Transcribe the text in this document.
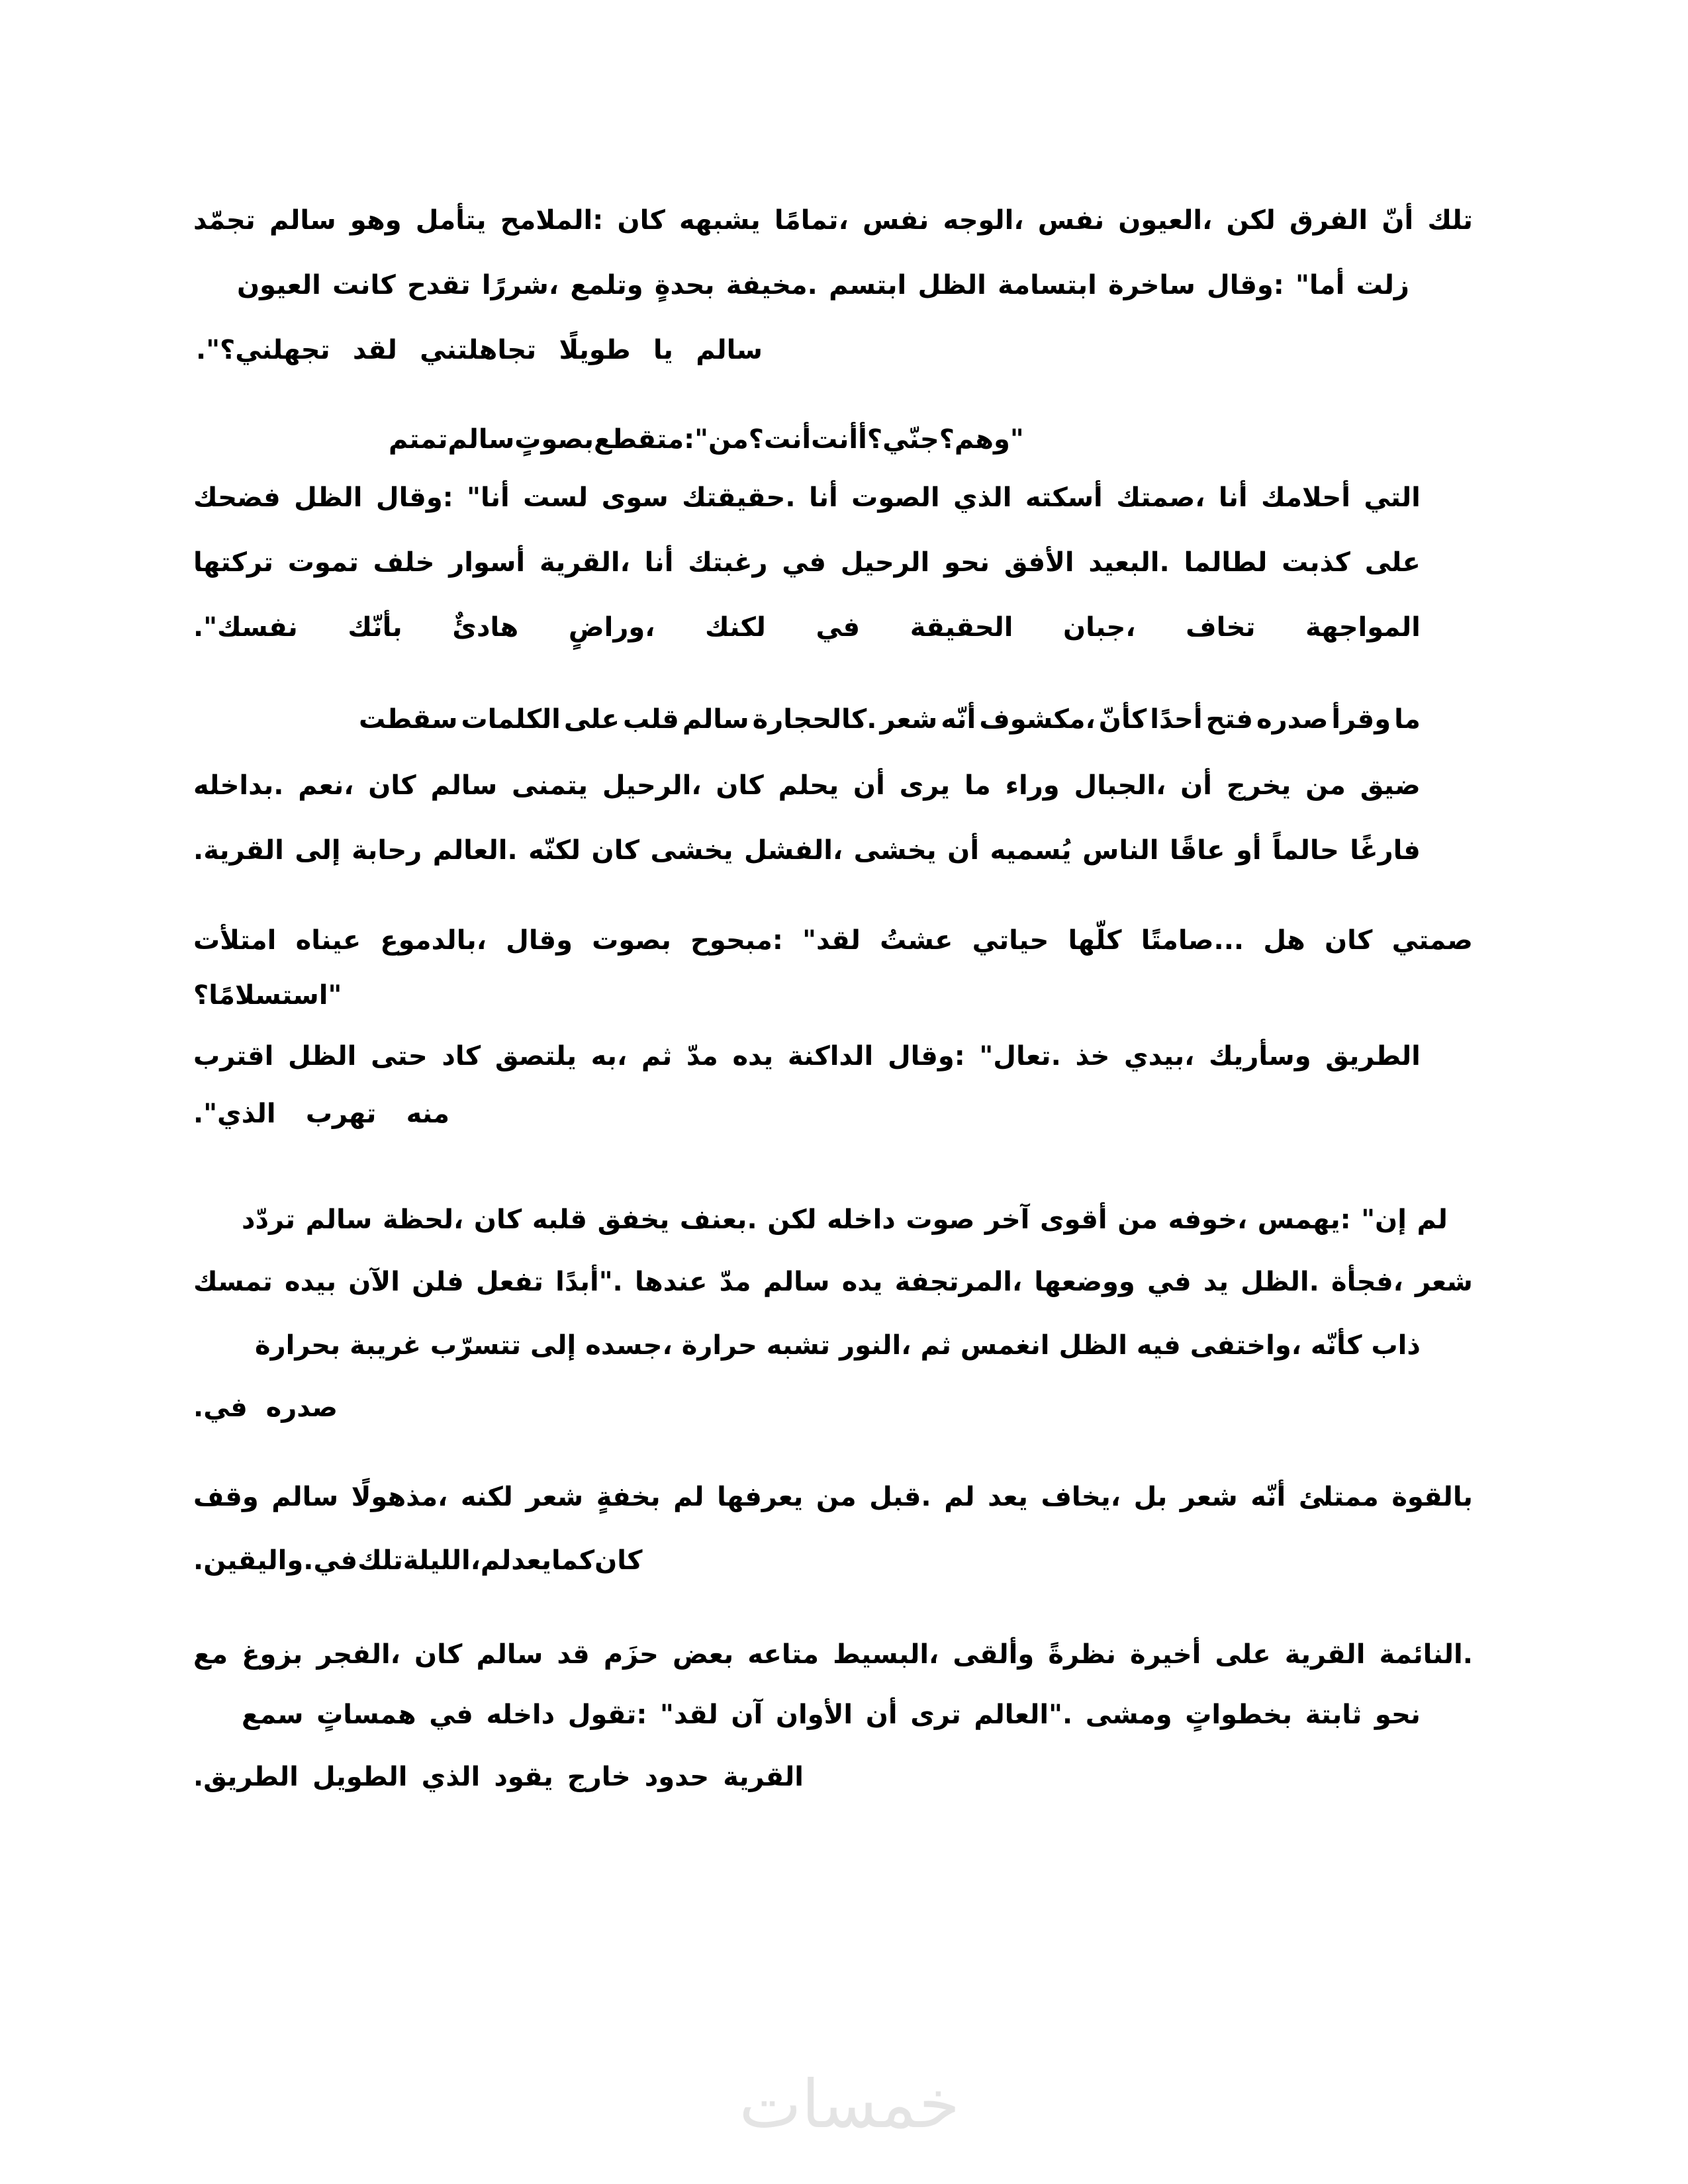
تجمّد سالم وهو يتأمل الملامح: كان يشبهه تمامًا، نفس الوجه، نفس العيون، لكن الفرق أنّ تلك
العيون كانت تقدح شررًا، وتلمع بحدةٍ مخيفة. ابتسم الظل ابتسامة ساخرة وقال: "أما زلت
."تجهلني؟ لقد تجاهلتني طويلًا يا سالم
تمتم سالم بصوتٍ متقطع: "من أنت؟ أأنت جنّي؟ وهم؟"
فضحك الظل وقال: "أنا لست سوى حقيقتك. أنا الصوت الذي أسكته صمتك، أنا أحلامك التي
تركتها تموت خلف أسوار القرية، أنا رغبتك في الرحيل نحو الأفق البعيد. لطالما كذبت على
."نفسك بأنّك هادئٌ وراضٍ، لكنك في الحقيقة جبان، تخاف المواجهة
سقطت الكلمات على قلب سالم كالحجارة. شعر أنّه مكشوف، كأنّ أحدًا فتح صدره وقرأ ما
بداخله. نعم، كان سالم يتمنى الرحيل، كان يحلم أن يرى ما وراء الجبال، أن يخرج من ضيق
.القرية إلى رحابة العالم. لكنّه كان يخشى الفشل، يخشى أن يُسميه الناس عاقًا أو حالماً فارغًا
امتلأت عيناه بالدموع، وقال بصوت مبحوح: "لقد عشتُ حياتي كلّها صامتًا... هل كان صمتي
استسلامًا؟"
اقترب الظل حتى كاد يلتصق به، ثم مدّ يده الداكنة وقال: "تعال. خذ بيدي، وسأريك الطريق
."الذي تهرب منه
تردّد سالم لحظة، كان قلبه يخفق بعنف. لكن داخله صوت آخر أقوى من خوفه، يهمس: "إن لم
تمسك بيده الآن فلن تفعل أبدًا". عندها مدّ سالم يده المرتجفة، ووضعها في يد الظل. فجأة، شعر
بحرارة غريبة تتسرّب إلى جسده، حرارة تشبه النور، ثم انغمس الظل فيه واختفى، كأنّه ذاب
.في صدره
وقف سالم مذهولًا، لكنه شعر بخفةٍ لم يعرفها من قبل. لم يعد يخاف، بل شعر أنّه ممتلئ بالقوة
.واليقين. في تلك الليلة، لم يعد كما كان
مع بزوغ الفجر، كان سالم قد حزَم بعض متاعه البسيط، وألقى نظرةً أخيرة على القرية النائمة.
سمع همساتٍ في داخله تقول: "لقد آن الأوان أن ترى العالم". ومشى بخطواتٍ ثابتة نحو
.الطريق الطويل الذي يقود خارج حدود القرية
خمسات
